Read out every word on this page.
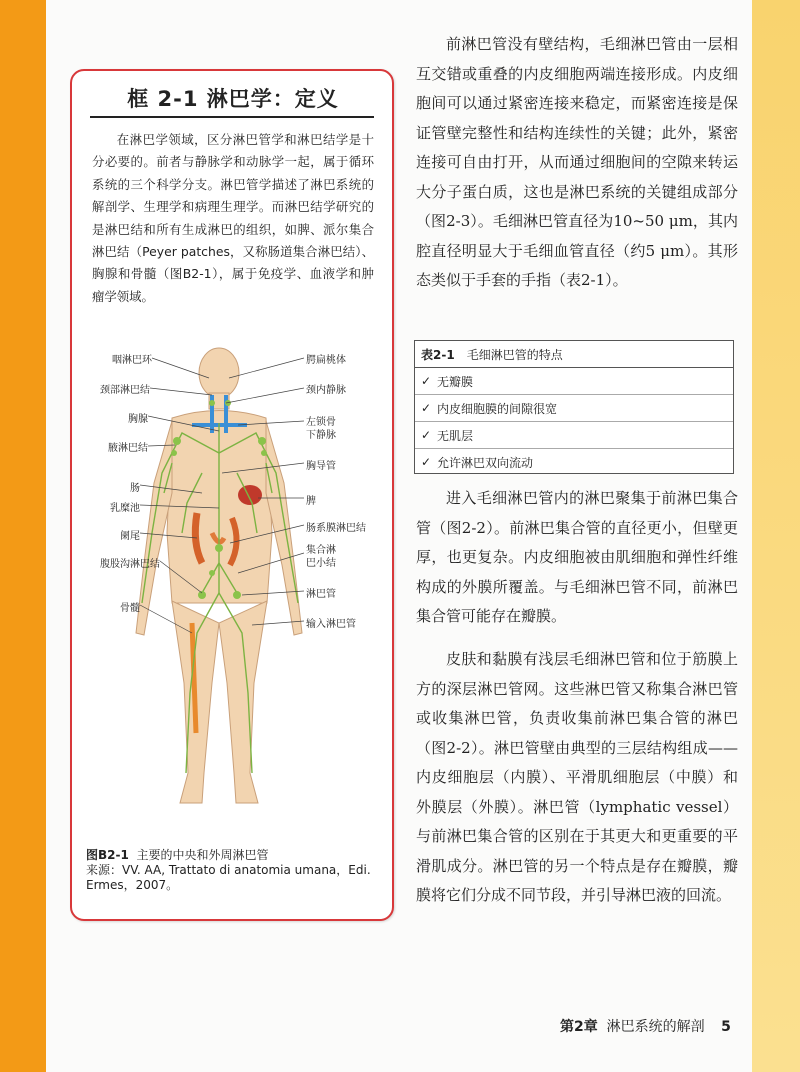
框 2-1 淋巴学：定义

在淋巴学领域，区分淋巴管学和淋巴结学是十分必要的。前者与静脉学和动脉学一起，属于循环系统的三个科学分支。淋巴管学描述了淋巴系统的解剖学、生理学和病理生理学。而淋巴结学研究的是淋巴结和所有生成淋巴的组织，如脾、派尔集合淋巴结（Peyer patches，又称肠道集合淋巴结）、胸腺和骨髓（图B2-1），属于免疫学、血液学和肿瘤学领域。

咽淋巴环
颈部淋巴结
胸腺
腋淋巴结
肠
乳糜池
阑尾
腹股沟淋巴结
骨髓
腭扁桃体
颈内静脉
左锁骨
下静脉
胸导管
脾
肠系膜淋巴结
集合淋
巴小结
淋巴管
输入淋巴管
图B2-1 主要的中央和外周淋巴管
来源：VV. AA, Trattato di anatomia umana，Edi. Ermes，2007。

前淋巴管没有壁结构，毛细淋巴管由一层相互交错或重叠的内皮细胞两端连接形成。内皮细胞间可以通过紧密连接来稳定，而紧密连接是保证管壁完整性和结构连续性的关键；此外，紧密连接可自由打开，从而通过细胞间的空隙来转运大分子蛋白质，这也是淋巴系统的关键组成部分（图2-3）。毛细淋巴管直径为10~50 μm，其内腔直径明显大于毛细血管直径（约5 μm）。其形态类似于手套的手指（表2-1）。

表2-1 毛细淋巴管的特点
✓ 无瓣膜
✓ 内皮细胞膜的间隙很宽
✓ 无肌层
✓ 允许淋巴双向流动

进入毛细淋巴管内的淋巴聚集于前淋巴集合管（图2-2）。前淋巴集合管的直径更小，但壁更厚，也更复杂。内皮细胞被由肌细胞和弹性纤维构成的外膜所覆盖。与毛细淋巴管不同，前淋巴集合管可能存在瓣膜。

皮肤和黏膜有浅层毛细淋巴管和位于筋膜上方的深层淋巴管网。这些淋巴管又称集合淋巴管或收集淋巴管，负责收集前淋巴集合管的淋巴（图2-2）。淋巴管壁由典型的三层结构组成——内皮细胞层（内膜）、平滑肌细胞层（中膜）和外膜层（外膜）。淋巴管（lymphatic vessel）与前淋巴集合管的区别在于其更大和更重要的平滑肌成分。淋巴管的另一个特点是存在瓣膜，瓣膜将它们分成不同节段，并引导淋巴液的回流。

第2章 淋巴系统的解剖 5
